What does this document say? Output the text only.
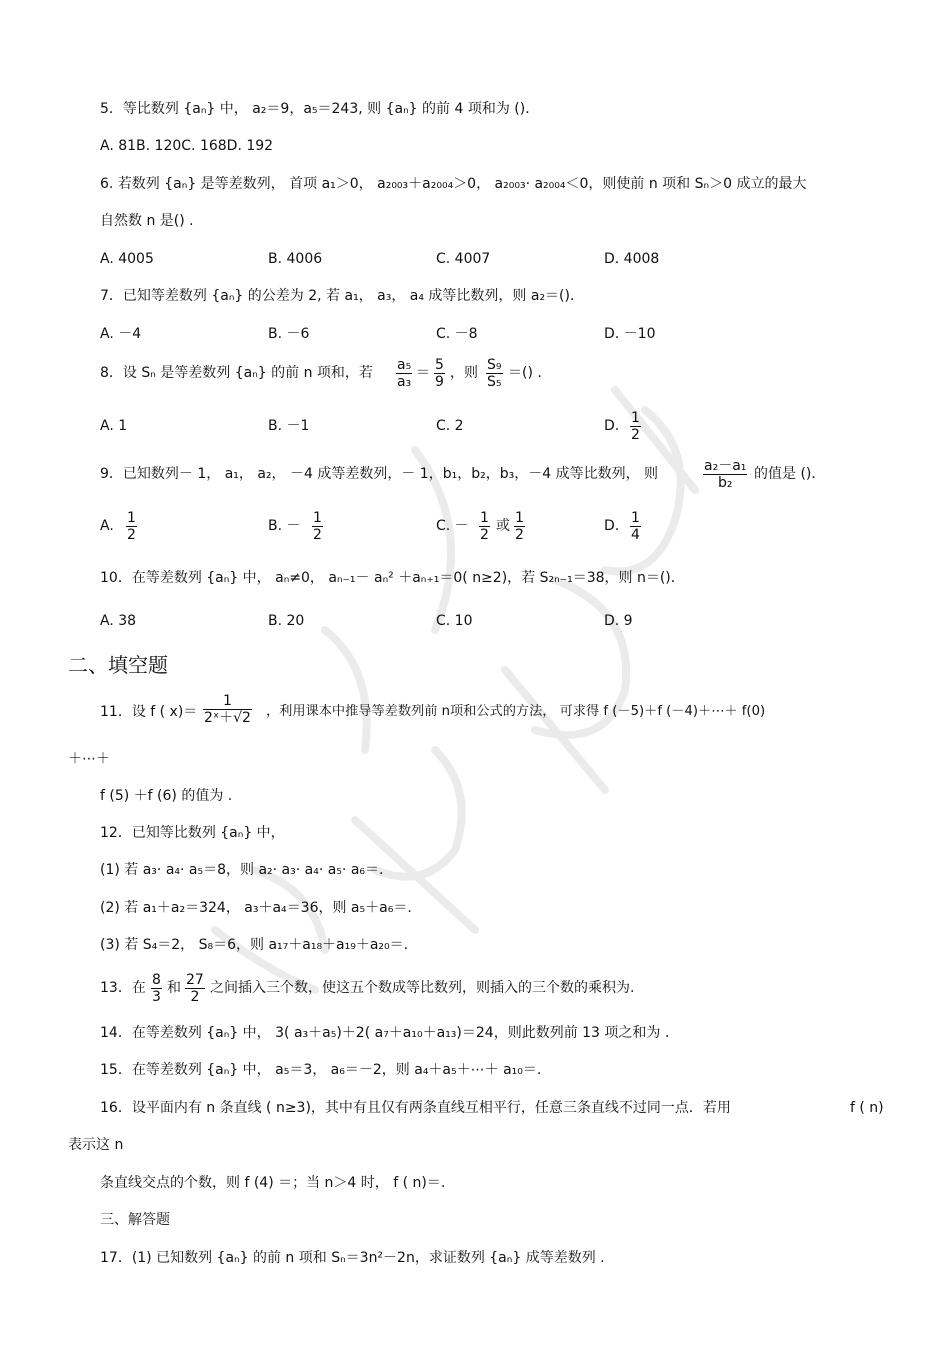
5．等比数列 {aₙ} 中， a₂＝9，a₅＝243, 则 {aₙ} 的前 4 项和为 ().
A. 81B. 120C. 168D. 192
6. 若数列 {aₙ} 是等差数列， 首项 a₁＞0， a₂₀₀₃＋a₂₀₀₄＞0， a₂₀₀₃· a₂₀₀₄＜0，则使前 n 项和 Sₙ＞0 成立的最大
自然数 n 是() .
A. 4005	B. 4006	C. 4007	D. 4008
7．已知等差数列 {aₙ} 的公差为 2, 若 a₁， a₃， a₄ 成等比数列，则 a₂＝()．
A. －4	B. －6	C. －8	D. －10
8．设 Sₙ 是等差数列 {aₙ} 的前 n 项和，若 $\frac{\text{a₅}}{\text{a₃}} = \frac{5}{9}$ ，则 $\frac{\text{S₉}}{\text{S₅}}$ ＝() .
A. 1	B. －1	C. 2	D. $\frac{1}{2}$
9．已知数列－ 1， a₁， a₂， －4 成等差数列，－ 1，b₁，b₂，b₃，－4 成等比数列， 则	$\frac{\text{a₂－a₁}}{\text{b₂}}$ 的值是 ()．
A. $\frac{1}{2}$	B. － $\frac{1}{2}$	C. － $\frac{1}{2}$ 或 $\frac{1}{2}$	D. $\frac{1}{4}$
10．在等差数列 {aₙ} 中， aₙ≠0， aₙ₋₁－ aₙ² ＋aₙ₊₁＝0( n≥2)，若 S₂ₙ₋₁＝38，则 n＝()．
A. 38	B. 20	C. 10	D. 9
二、填空题
11．设 f ( $x)= \frac{1}{\text{2ˣ＋√2}}$ ，利用课本中推导等差数列前 n项和公式的方法， 可求得 f (－5)＋f (－4)＋⋯＋ f(0)
＋⋯＋
f (5) ＋f (6) 的值为 .
12．已知等比数列 {aₙ} 中，
(1) 若 a₃· a₄· a₅＝8，则 a₂· a₃· a₄· a₅· a₆＝.
(2) 若 a₁＋a₂＝324， a₃＋a₄＝36，则 a₅＋a₆＝.
(3) 若 S₄＝2， S₈＝6，则 a₁₇＋a₁₈＋a₁₉＋a₂₀＝.
13．在 $\frac{8}{3}$ 和 $\frac{27}{2}$ 之间插入三个数，使这五个数成等比数列，则插入的三个数的乘积为.
14．在等差数列 {aₙ} 中， 3( a₃＋a₅)＋2( a₇＋a₁₀＋a₁₃)＝24，则此数列前 13 项之和为 .
15．在等差数列 {aₙ} 中， a₅＝3， a₆＝－2，则 a₄＋a₅＋⋯＋ a₁₀＝.
16．设平面内有 n 条直线 ( n≥3)，其中有且仅有两条直线互相平行，任意三条直线不过同一点．若用	f ( n)
表示这 n
条直线交点的个数，则 f (4) ＝；当 n＞4 时， f ( n)＝.
三、解答题
17．(1) 已知数列 {aₙ} 的前 n 项和 Sₙ＝3n²－2n，求证数列 {aₙ} 成等差数列 .
